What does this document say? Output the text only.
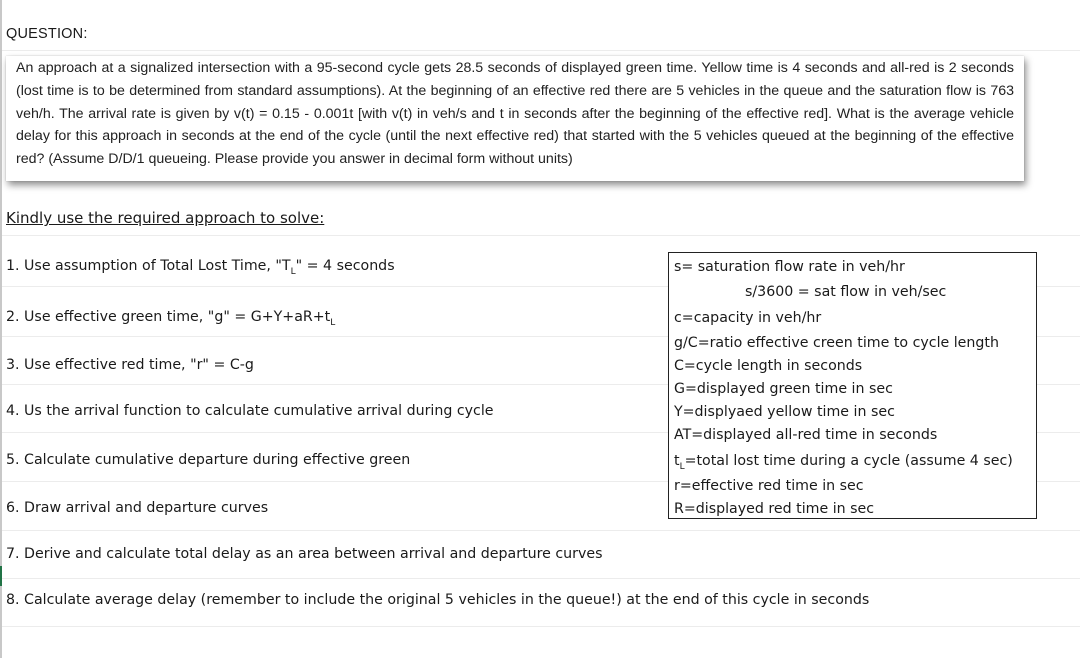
QUESTION:
An approach at a signalized intersection with a 95-second cycle gets 28.5 seconds of displayed green time. Yellow time is 4 seconds and all-red is 2 seconds (lost time is to be determined from standard assumptions). At the beginning of an effective red there are 5 vehicles in the queue and the saturation flow is 763 veh/h. The arrival rate is given by v(t) = 0.15 - 0.001t [with v(t) in veh/s and t in seconds after the beginning of the effective red]. What is the average vehicle delay for this approach in seconds at the end of the cycle (until the next effective red) that started with the 5 vehicles queued at the beginning of the effective red? (Assume D/D/1 queueing. Please provide you answer in decimal form without units)
Kindly use the required approach to solve:
1. Use assumption of Total Lost Time, "$T_L$" = 4 seconds
2. Use effective green time, "g" = $G+Y+aR+t_L$
3. Use effective red time, "r" = C-g
4. Us the arrival function to calculate cumulative arrival during cycle
5. Calculate cumulative departure during effective green
6. Draw arrival and departure curves
7. Derive and calculate total delay as an area between arrival and departure curves
8. Calculate average delay (remember to include the original 5 vehicles in the queue!) at the end of this cycle in seconds
s= saturation flow rate in veh/hr
s/3600 = sat flow in veh/sec
c=capacity in veh/hr
g/C=ratio effective creen time to cycle length
C=cycle length in seconds
G=displayed green time in sec
Y=displyaed yellow time in sec
AT=displayed all-red time in seconds
$t_L=total$ lost time during a cycle (assume 4 sec)
r=effective red time in sec
R=displayed red time in sec
